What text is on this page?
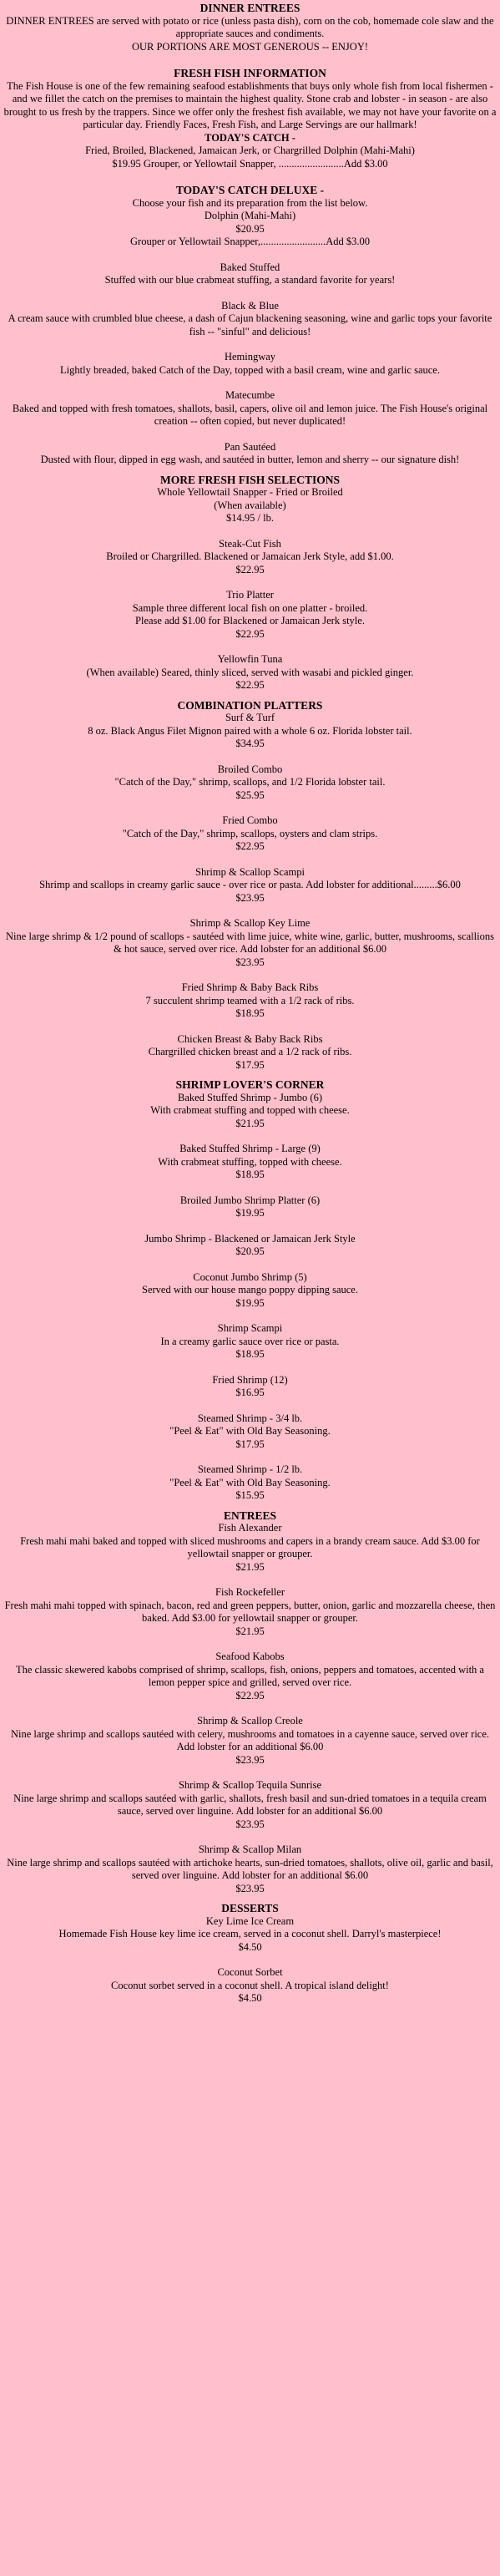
DINNER ENTREES
DINNER ENTREES are served with potato or rice (unless pasta dish), corn on the cob, homemade cole slaw and the appropriate sauces and condiments.
OUR PORTIONS ARE MOST GENEROUS -- ENJOY!
FRESH FISH INFORMATION
The Fish House is one of the few remaining seafood establishments that buys only whole fish from local fishermen - and we fillet the catch on the premises to maintain the highest quality. Stone crab and lobster - in season - are also brought to us fresh by the trappers. Since we offer only the freshest fish available, we may not have your favorite on a particular day. Friendly Faces, Fresh Fish, and Large Servings are our hallmark!
TODAY'S CATCH -
Fried, Broiled, Blackened, Jamaican Jerk, or Chargrilled Dolphin (Mahi-Mahi)
$19.95 Grouper, or Yellowtail Snapper, .........................Add $3.00
TODAY'S CATCH DELUXE -
Choose your fish and its preparation from the list below.
Dolphin (Mahi-Mahi)
$20.95
Grouper or Yellowtail Snapper,.........................Add $3.00
Baked Stuffed
Stuffed with our blue crabmeat stuffing, a standard favorite for years!
Black & Blue
A cream sauce with crumbled blue cheese, a dash of Cajun blackening seasoning, wine and garlic tops your favorite fish -- "sinful" and delicious!
Hemingway
Lightly breaded, baked Catch of the Day, topped with a basil cream, wine and garlic sauce.
Matecumbe
Baked and topped with fresh tomatoes, shallots, basil, capers, olive oil and lemon juice. The Fish House's original creation -- often copied, but never duplicated!
Pan Sautéed
Dusted with flour, dipped in egg wash, and sautéed in butter, lemon and sherry -- our signature dish!
MORE FRESH FISH SELECTIONS
Whole Yellowtail Snapper - Fried or Broiled
(When available)
$14.95 / lb.
Steak-Cut Fish
Broiled or Chargrilled. Blackened or Jamaican Jerk Style, add $1.00.
$22.95
Trio Platter
Sample three different local fish on one platter - broiled.
Please add $1.00 for Blackened or Jamaican Jerk style.
$22.95
Yellowfin Tuna
(When available) Seared, thinly sliced, served with wasabi and pickled ginger.
$22.95
COMBINATION PLATTERS
Surf & Turf
8 oz. Black Angus Filet Mignon paired with a whole 6 oz. Florida lobster tail.
$34.95
Broiled Combo
"Catch of the Day," shrimp, scallops, and 1/2 Florida lobster tail.
$25.95
Fried Combo
"Catch of the Day," shrimp, scallops, oysters and clam strips.
$22.95
Shrimp & Scallop Scampi
Shrimp and scallops in creamy garlic sauce - over rice or pasta. Add lobster for additional.........$6.00
$23.95
Shrimp & Scallop Key Lime
Nine large shrimp & 1/2 pound of scallops - sautéed with lime juice, white wine, garlic, butter, mushrooms, scallions & hot sauce, served over rice. Add lobster for an additional $6.00
$23.95
Fried Shrimp & Baby Back Ribs
7 succulent shrimp teamed with a 1/2 rack of ribs.
$18.95
Chicken Breast & Baby Back Ribs
Chargrilled chicken breast and a 1/2 rack of ribs.
$17.95
SHRIMP LOVER'S CORNER
Baked Stuffed Shrimp - Jumbo (6)
With crabmeat stuffing and topped with cheese.
$21.95
Baked Stuffed Shrimp - Large (9)
With crabmeat stuffing, topped with cheese.
$18.95
Broiled Jumbo Shrimp Platter (6)
$19.95
Jumbo Shrimp - Blackened or Jamaican Jerk Style
$20.95
Coconut Jumbo Shrimp (5)
Served with our house mango poppy dipping sauce.
$19.95
Shrimp Scampi
In a creamy garlic sauce over rice or pasta.
$18.95
Fried Shrimp (12)
$16.95
Steamed Shrimp - 3/4 lb.
"Peel & Eat" with Old Bay Seasoning.
$17.95
Steamed Shrimp - 1/2 lb.
"Peel & Eat" with Old Bay Seasoning.
$15.95
ENTREES
Fish Alexander
Fresh mahi mahi baked and topped with sliced mushrooms and capers in a brandy cream sauce. Add $3.00 for yellowtail snapper or grouper.
$21.95
Fish Rockefeller
Fresh mahi mahi topped with spinach, bacon, red and green peppers, butter, onion, garlic and mozzarella cheese, then baked. Add $3.00 for yellowtail snapper or grouper.
$21.95
Seafood Kabobs
The classic skewered kabobs comprised of shrimp, scallops, fish, onions, peppers and tomatoes, accented with a lemon pepper spice and grilled, served over rice.
$22.95
Shrimp & Scallop Creole
Nine large shrimp and scallops sautéed with celery, mushrooms and tomatoes in a cayenne sauce, served over rice. Add lobster for an additional $6.00
$23.95
Shrimp & Scallop Tequila Sunrise
Nine large shrimp and scallops sautéed with garlic, shallots, fresh basil and sun-dried tomatoes in a tequila cream sauce, served over linguine. Add lobster for an additional $6.00
$23.95
Shrimp & Scallop Milan
Nine large shrimp and scallops sautéed with artichoke hearts, sun-dried tomatoes, shallots, olive oil, garlic and basil, served over linguine. Add lobster for an additional $6.00
$23.95
DESSERTS
Key Lime Ice Cream
Homemade Fish House key lime ice cream, served in a coconut shell. Darryl's masterpiece!
$4.50
Coconut Sorbet
Coconut sorbet served in a coconut shell. A tropical island delight!
$4.50
